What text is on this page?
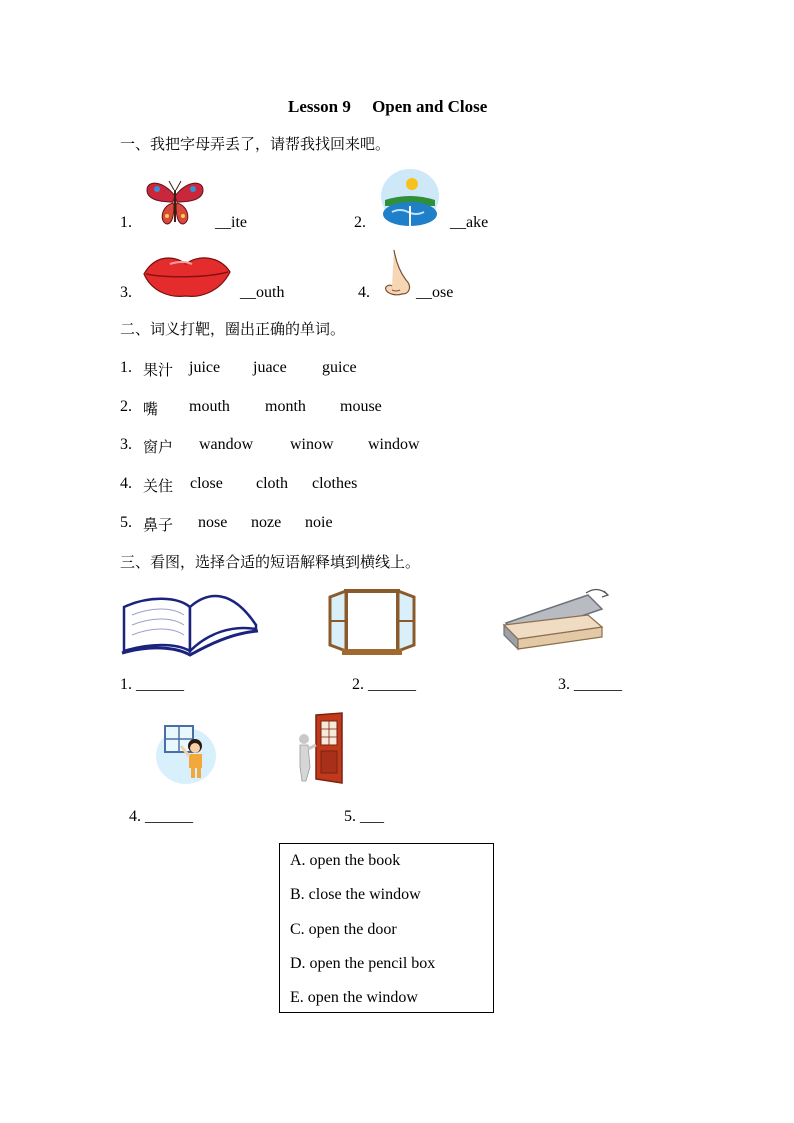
Lesson 9     Open and Close
一、我把字母弄丢了，请帮我找回来吧。
1.	__ite	2.	__ake
3.	__outh	4.	__ose
二、词义打靶，圈出正确的单词。
1. 果汁 juice juace guice
2. 嘴 mouth month mouse
3. 窗户 wandow winow window
4. 关住 close cloth clothes
5. 鼻子 nose noze noie
三、看图，选择合适的短语解释填到横线上。
1. ______	2. ______	3. ______
4. ______	5. ___
A. open the book
B. close the window
C. open the door
D. open the pencil box
E. open the window
